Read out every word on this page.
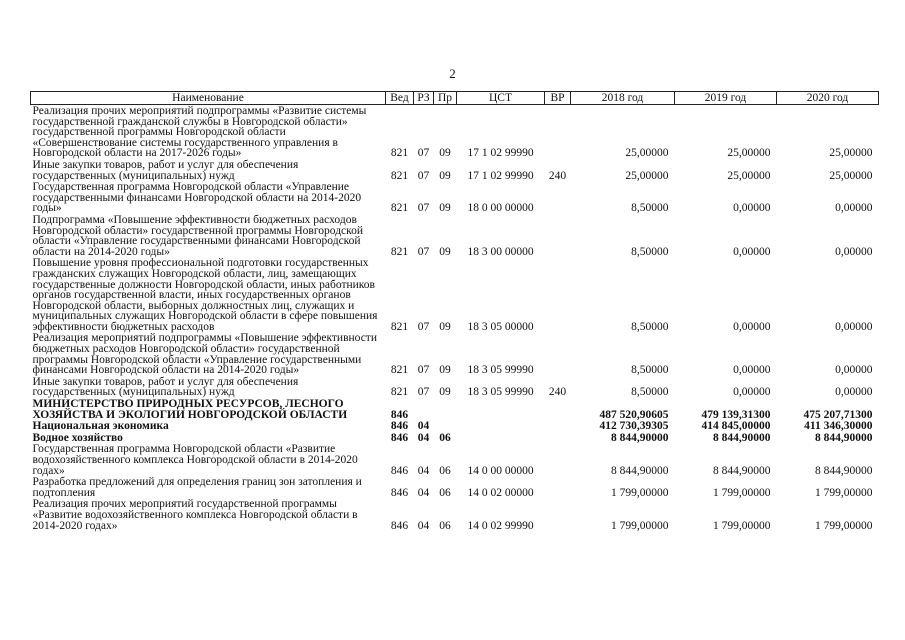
2
Наименование	Вед	РЗ	Пр	ЦСТ	ВР	2018 год	2019 год	2020 год
Реализация прочих мероприятий подпрограммы «Развитие системы государственной гражданской службы в Новгородской области» государственной программы Новгородской области «Совершенствование системы государственного управления в Новгородской области на 2017-2026 годы»	821	07	09	17 1 02 99990		25,00000	25,00000	25,00000
Иные закупки товаров, работ и услуг для обеспечения государственных (муниципальных) нужд	821	07	09	17 1 02 99990	240	25,00000	25,00000	25,00000
Государственная программа Новгородской области «Управление государственными финансами Новгородской области на 2014-2020 годы»	821	07	09	18 0 00 00000		8,50000	0,00000	0,00000
Подпрограмма «Повышение эффективности бюджетных расходов Новгородской области» государственной программы Новгородской области «Управление государственными финансами Новгородской области на 2014-2020 годы»	821	07	09	18 3 00 00000		8,50000	0,00000	0,00000
Повышение уровня профессиональной подготовки государственных гражданских служащих Новгородской области, лиц, замещающих государственные должности Новгородской области, иных работников органов государственной власти, иных государственных органов Новгородской области, выборных должностных лиц, служащих и муниципальных служащих Новгородской области в сфере повышения эффективности бюджетных расходов	821	07	09	18 3 05 00000		8,50000	0,00000	0,00000
Реализация мероприятий подпрограммы «Повышение эффективности бюджетных расходов Новгородской области» государственной программы Новгородской области «Управление государственными финансами Новгородской области на 2014-2020 годы»	821	07	09	18 3 05 99990		8,50000	0,00000	0,00000
Иные закупки товаров, работ и услуг для обеспечения государственных (муниципальных) нужд	821	07	09	18 3 05 99990	240	8,50000	0,00000	0,00000
МИНИСТЕРСТВО ПРИРОДНЫХ РЕСУРСОВ, ЛЕСНОГО ХОЗЯЙСТВА И ЭКОЛОГИИ НОВГОРОДСКОЙ ОБЛАСТИ	846					487 520,90605	479 139,31300	475 207,71300
Национальная экономика	846	04				412 730,39305	414 845,00000	411 346,30000
Водное хозяйство	846	04	06			8 844,90000	8 844,90000	8 844,90000
Государственная программа Новгородской области «Развитие водохозяйственного комплекса Новгородской области в 2014-2020 годах»	846	04	06	14 0 00 00000		8 844,90000	8 844,90000	8 844,90000
Разработка предложений для определения границ зон затопления и подтопления	846	04	06	14 0 02 00000		1 799,00000	1 799,00000	1 799,00000
Реализация прочих мероприятий государственной программы «Развитие водохозяйственного комплекса Новгородской области в 2014-2020 годах»	846	04	06	14 0 02 99990		1 799,00000	1 799,00000	1 799,00000
